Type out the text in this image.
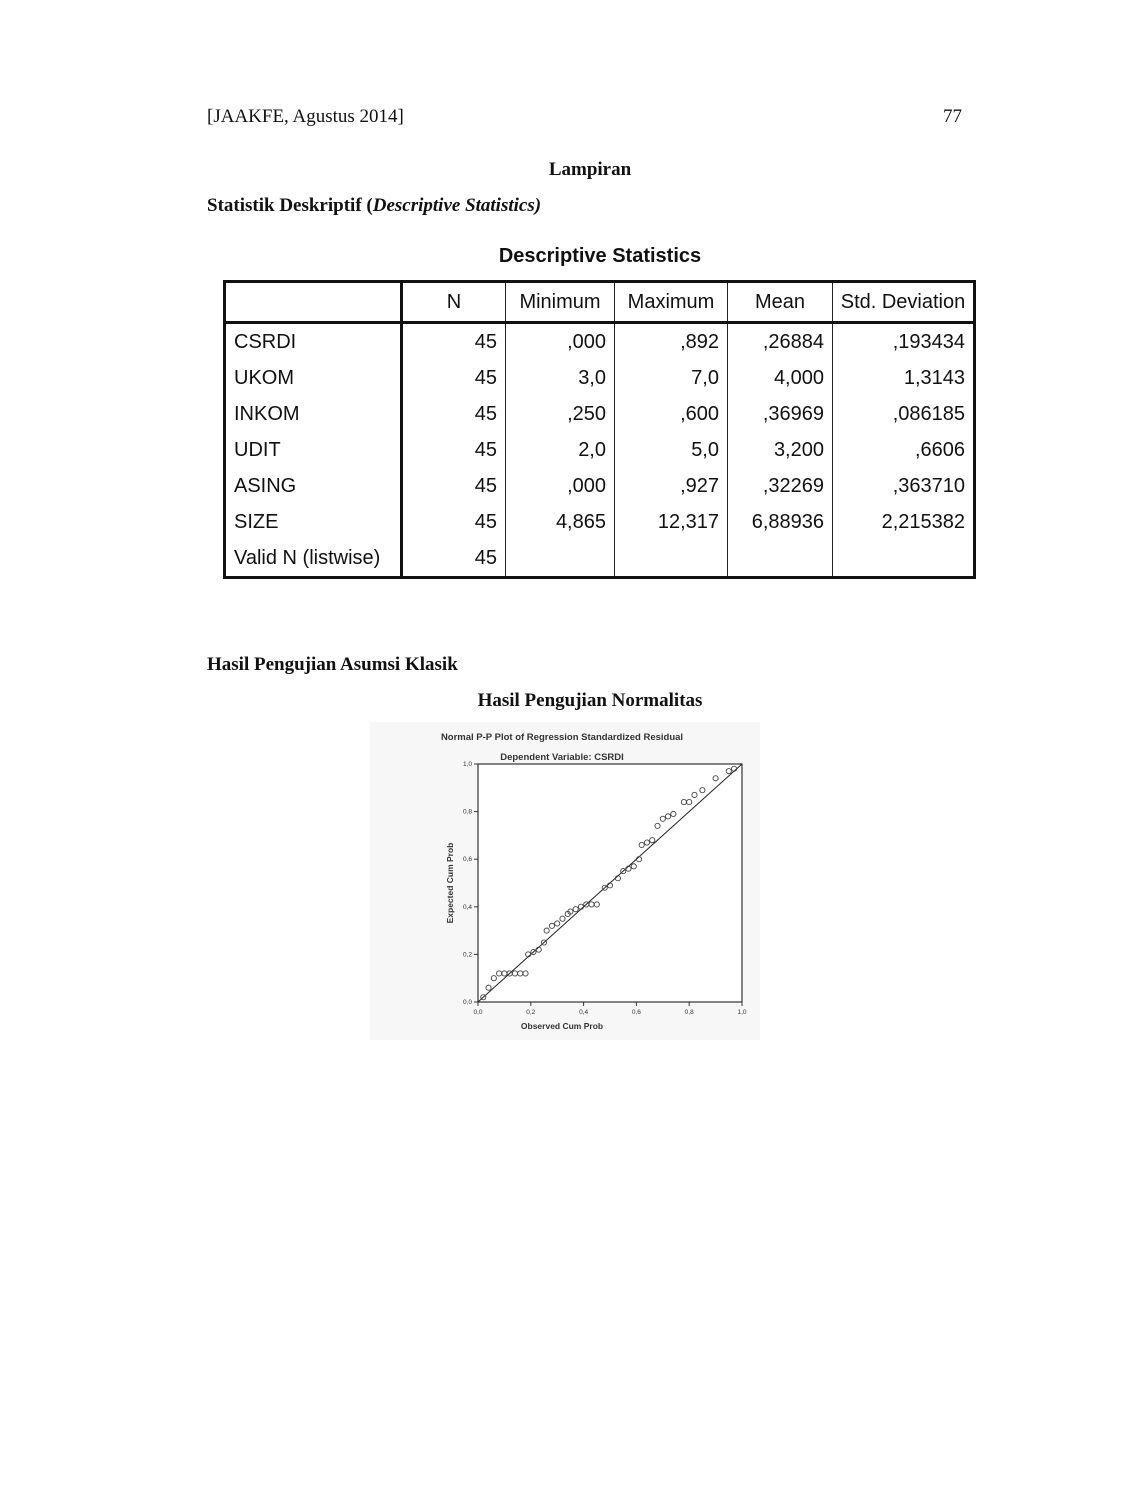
[JAAKFE, Agustus 2014]	77
Lampiran
Statistik Deskriptif (Descriptive Statistics)
Descriptive Statistics
	N	Minimum	Maximum	Mean	Std. Deviation
CSRDI	45	,000	,892	,26884	,193434
UKOM	45	3,0	7,0	4,000	1,3143
INKOM	45	,250	,600	,36969	,086185
UDIT	45	2,0	5,0	3,200	,6606
ASING	45	,000	,927	,32269	,363710
SIZE	45	4,865	12,317	6,88936	2,215382
Valid N (listwise)	45				
Hasil Pengujian Asumsi Klasik
Hasil Pengujian Normalitas
Normal P-P Plot of Regression Standardized Residual
Dependent Variable: CSRDI
Observed Cum Prob
Expected Cum Prob
0,0	0,2	0,4	0,6	0,8	1,0
0,0
0,2
0,4
0,6
0,8
1,0
